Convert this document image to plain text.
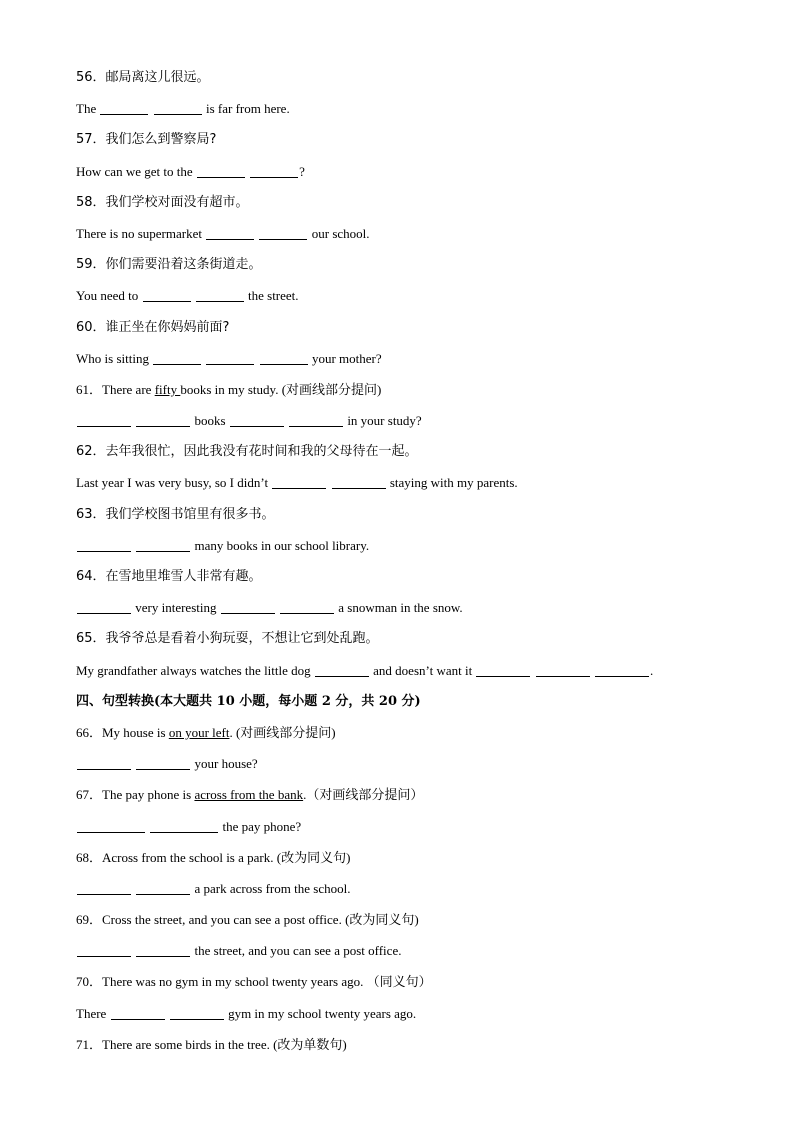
56．邮局离这儿很远。
The	is far from here.
57．我们怎么到警察局?
How can we get to the	?
58．我们学校对面没有超市。
There is no supermarket	our school.
59．你们需要沿着这条街道走。
You need to	the street.
60．谁正坐在你妈妈前面?
Who is sitting	your mother?
61．There are fifty books in my study. (对画线部分提问)
books	in your study?
62．去年我很忙，因此我没有花时间和我的父母待在一起。
Last year I was very busy, so I didn’t	staying with my parents.
63．我们学校图书馆里有很多书。
many books in our school library.
64．在雪地里堆雪人非常有趣。
very interesting	a snowman in the snow.
65．我爷爷总是看着小狗玩耍，不想让它到处乱跑。
My grandfather always watches the little dog	and doesn’t want it	.
四、句型转换(本大题共 10 小题，每小题 2 分，共 20 分)
66．My house is on your left. (对画线部分提问)
your house?
67．The pay phone is across from the bank.（对画线部分提问）
the pay phone?
68．Across from the school is a park. (改为同义句)
a park across from the school.
69．Cross the street, and you can see a post office. (改为同义句)
the street, and you can see a post office.
70．There was no gym in my school twenty years ago. （同义句）
There	gym in my school twenty years ago.
71．There are some birds in the tree. (改为单数句)
